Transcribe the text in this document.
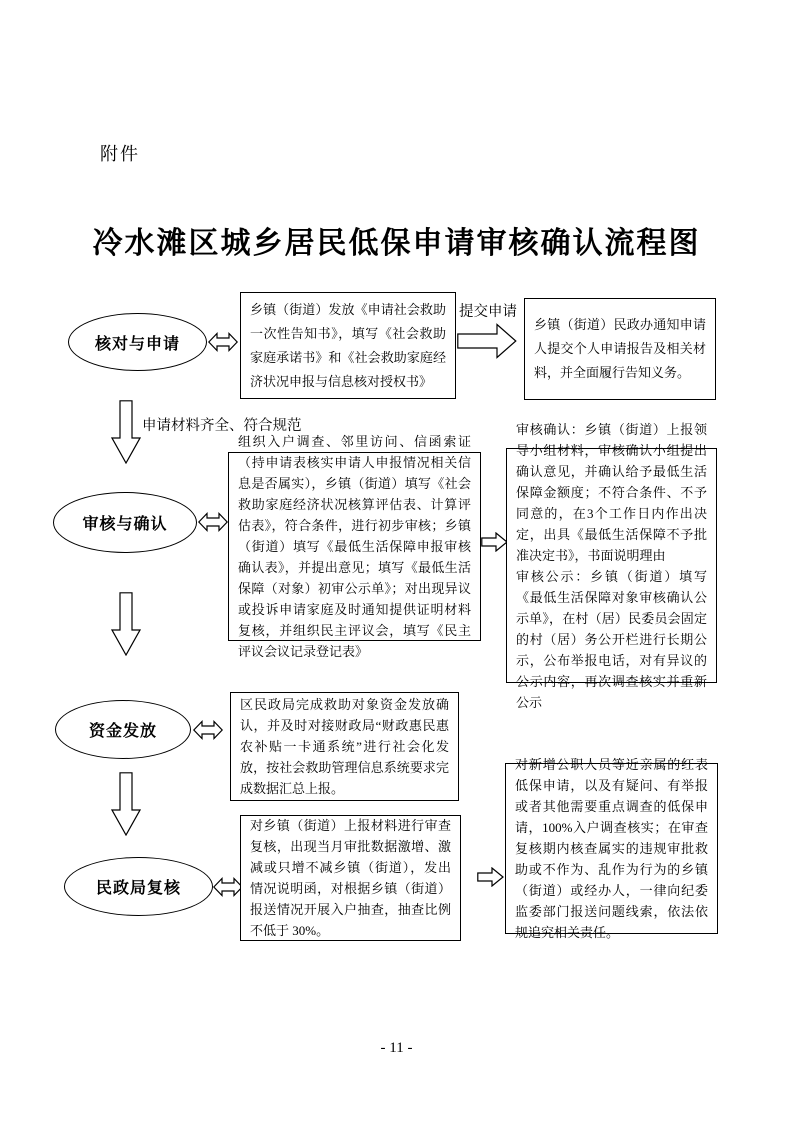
附件
冷水滩区城乡居民低保申请审核确认流程图
核对与申请
乡镇（街道）发放《申请社会救助一次性告知书》，填写《社会救助家庭承诺书》和《社会救助家庭经济状况申报与信息核对授权书》
提交申请
乡镇（街道）民政办通知申请人提交个人申请报告及相关材料，并全面履行告知义务。
申请材料齐全、符合规范
审核与确认
组织入户调查、邻里访问、信函索证（持申请表核实申请人申报情况相关信息是否属实），乡镇（街道）填写《社会救助家庭经济状况核算评估表、计算评估表》，符合条件，进行初步审核；乡镇（街道）填写《最低生活保障申报审核确认表》，并提出意见；填写《最低生活保障（对象）初审公示单》；对出现异议或投诉申请家庭及时通知提供证明材料复核，并组织民主评议会，填写《民主评议会议记录登记表》

审核确认：乡镇（街道）上报领导小组材料，审核确认小组提出确认意见，并确认给予最低生活保障金额度；不符合条件、不予同意的，在3个工作日内作出决定，出具《最低生活保障不予批准决定书》，书面说明理由

审核公示：乡镇（街道）填写《最低生活保障对象审核确认公示单》，在村（居）民委员会固定的村（居）务公开栏进行长期公示，公布举报电话，对有异议的公示内容，再次调查核实并重新公示

资金发放
区民政局完成救助对象资金发放确认，并及时对接财政局“财政惠民惠农补贴一卡通系统”进行社会化发放，按社会救助管理信息系统要求完成数据汇总上报。
民政局复核
对乡镇（街道）上报材料进行审查复核，出现当月审批数据激增、激减或只增不减乡镇（街道），发出情况说明函，对根据乡镇（街道）报送情况开展入户抽查，抽查比例不低于 30%。
对新增公职人员等近亲属的红表低保申请，以及有疑问、有举报或者其他需要重点调查的低保申请，100%入户调查核实；在审查复核期内核查属实的违规审批救助或不作为、乱作为行为的乡镇（街道）或经办人，一律向纪委监委部门报送问题线索，依法依规追究相关责任。
- 11 -
